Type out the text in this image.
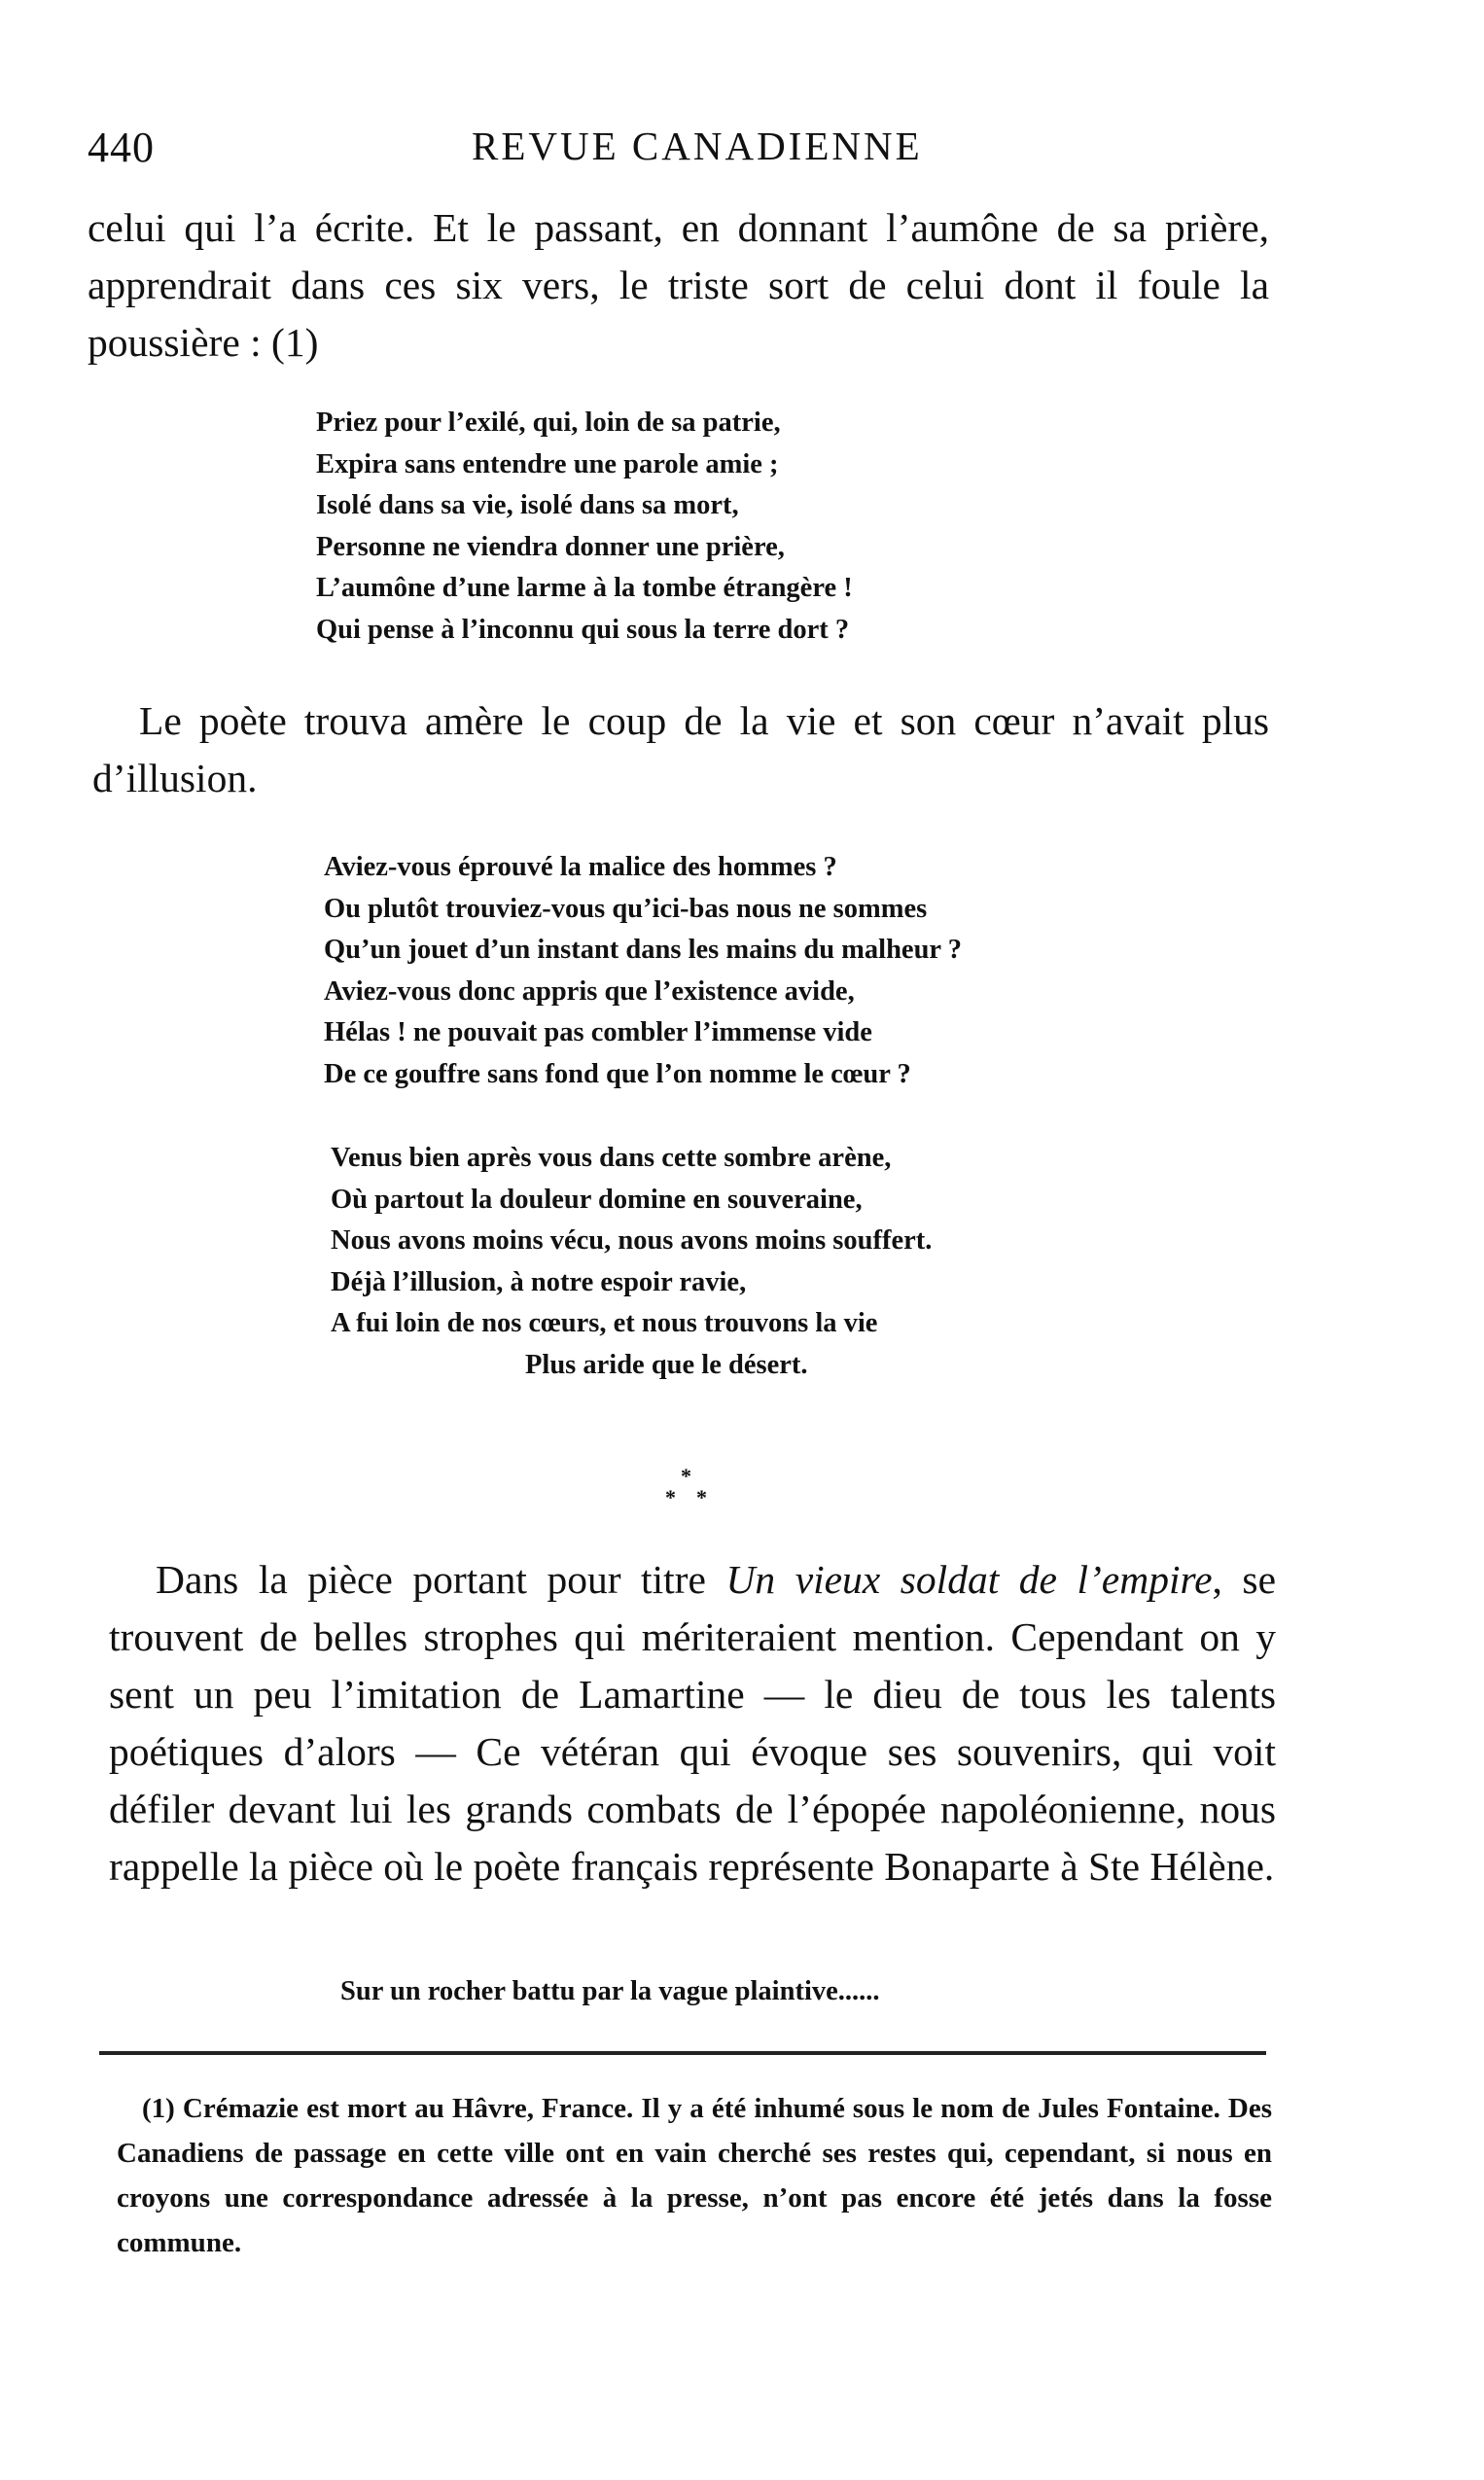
440	REVUE CANADIENNE

celui qui l’a écrite. Et le passant, en donnant l’aumône de sa prière, apprendrait dans ces six vers, le triste sort de celui dont il foule la poussière : (1)

Priez pour l’exilé, qui, loin de sa patrie,
Expira sans entendre une parole amie ;
Isolé dans sa vie, isolé dans sa mort,
Personne ne viendra donner une prière,
L’aumône d’une larme à la tombe étrangère !
Qui pense à l’inconnu qui sous la terre dort ?

Le poète trouva amère le coup de la vie et son cœur n’avait plus d’illusion.

Aviez-vous éprouvé la malice des hommes ?
Ou plutôt trouviez-vous qu’ici-bas nous ne sommes
Qu’un jouet d’un instant dans les mains du malheur ?
Aviez-vous donc appris que l’existence avide,
Hélas ! ne pouvait pas combler l’immense vide
De ce gouffre sans fond que l’on nomme le cœur ?
Venus bien après vous dans cette sombre arène,
Où partout la douleur domine en souveraine,
Nous avons moins vécu, nous avons moins souffert.
Déjà l’illusion, à notre espoir ravie,
A fui loin de nos cœurs, et nous trouvons la vie
Plus aride que le désert.
*
* *

Dans la pièce portant pour titre Un vieux soldat de l’empire, se trouvent de belles strophes qui mériteraient mention. Cependant on y sent un peu l’imitation de Lamartine — le dieu de tous les talents poétiques d’alors — Ce vétéran qui évoque ses souvenirs, qui voit défiler devant lui les grands combats de l’épopée napoléonienne, nous rappelle la pièce où le poète français représente Bonaparte à Ste Hélène.

Sur un rocher battu par la vague plaintive......
(1) Crémazie est mort au Hâvre, France. Il y a été inhumé sous le nom de Jules Fontaine. Des Canadiens de passage en cette ville ont en vain cherché ses restes qui, cependant, si nous en croyons une correspondance adressée à la presse, n’ont pas encore été jetés dans la fosse commune.
